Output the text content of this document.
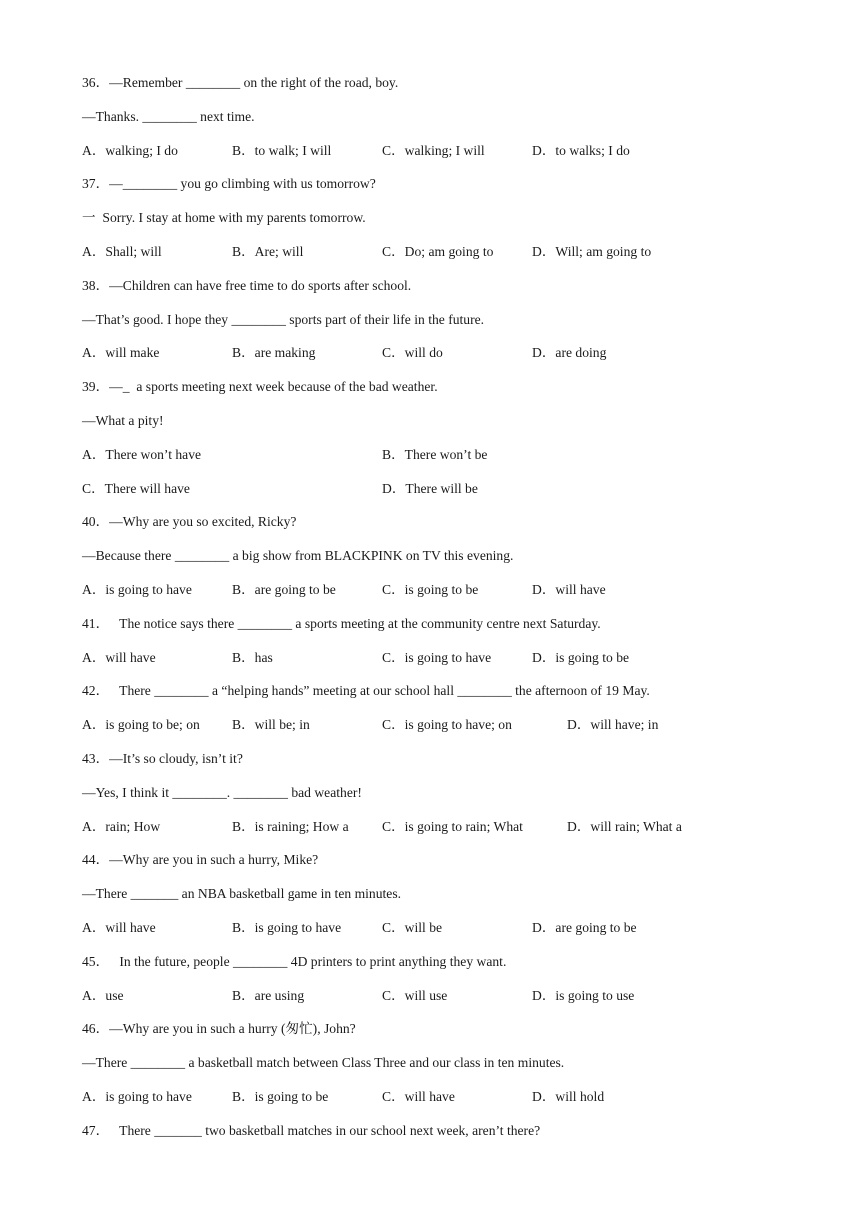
36．—Remember ________ on the right of the road, boy.
—Thanks. ________ next time.
A．walking; I do	B．to walk; I will	C．walking; I will	D．to walks; I do
37．—________ you go climbing with us tomorrow?
一  Sorry. I stay at home with my parents tomorrow.
A．Shall; will	B．Are; will	C．Do; am going to	D．Will; am going to
38．—Children can have free time to do sports after school.
—That’s good. I hope they ________ sports part of their life in the future.
A．will make	B．are making	C．will do	D．are doing
39．—_  a sports meeting next week because of the bad weather.
—What a pity!
A．There won’t have	B．There won’t be
C．There will have	D．There will be
40．—Why are you so excited, Ricky?
—Because there ________ a big show from BLACKPINK on TV this evening.
A．is going to have	B．are going to be	C．is going to be	D．will have
41．   The notice says there ________ a sports meeting at the community centre next Saturday.
A．will have	B．has	C．is going to have	D．is going to be
42．   There ________ a “helping hands” meeting at our school hall ________ the afternoon of 19 May.
A．is going to be; on B．will be; in	C．is going to have; on	D．will have; in
43．—It’s so cloudy, isn’t it?
—Yes, I think it ________. ________ bad weather!
A．rain; How	B．is raining; How a C．is going to rain; What	D．will rain; What a
44．—Why are you in such a hurry, Mike?
—There _______ an NBA basketball game in ten minutes.
A．will have	B．is going to have	C．will be	D．are going to be
45．   In the future, people ________ 4D printers to print anything they want.
A．use	B．are using	C．will use	D．is going to use
46．—Why are you in such a hurry (匆忙), John?
—There ________ a basketball match between Class Three and our class in ten minutes.
A．is going to have	B．is going to be	C．will have	D．will hold
47．   There _______ two basketball matches in our school next week, aren’t there?
